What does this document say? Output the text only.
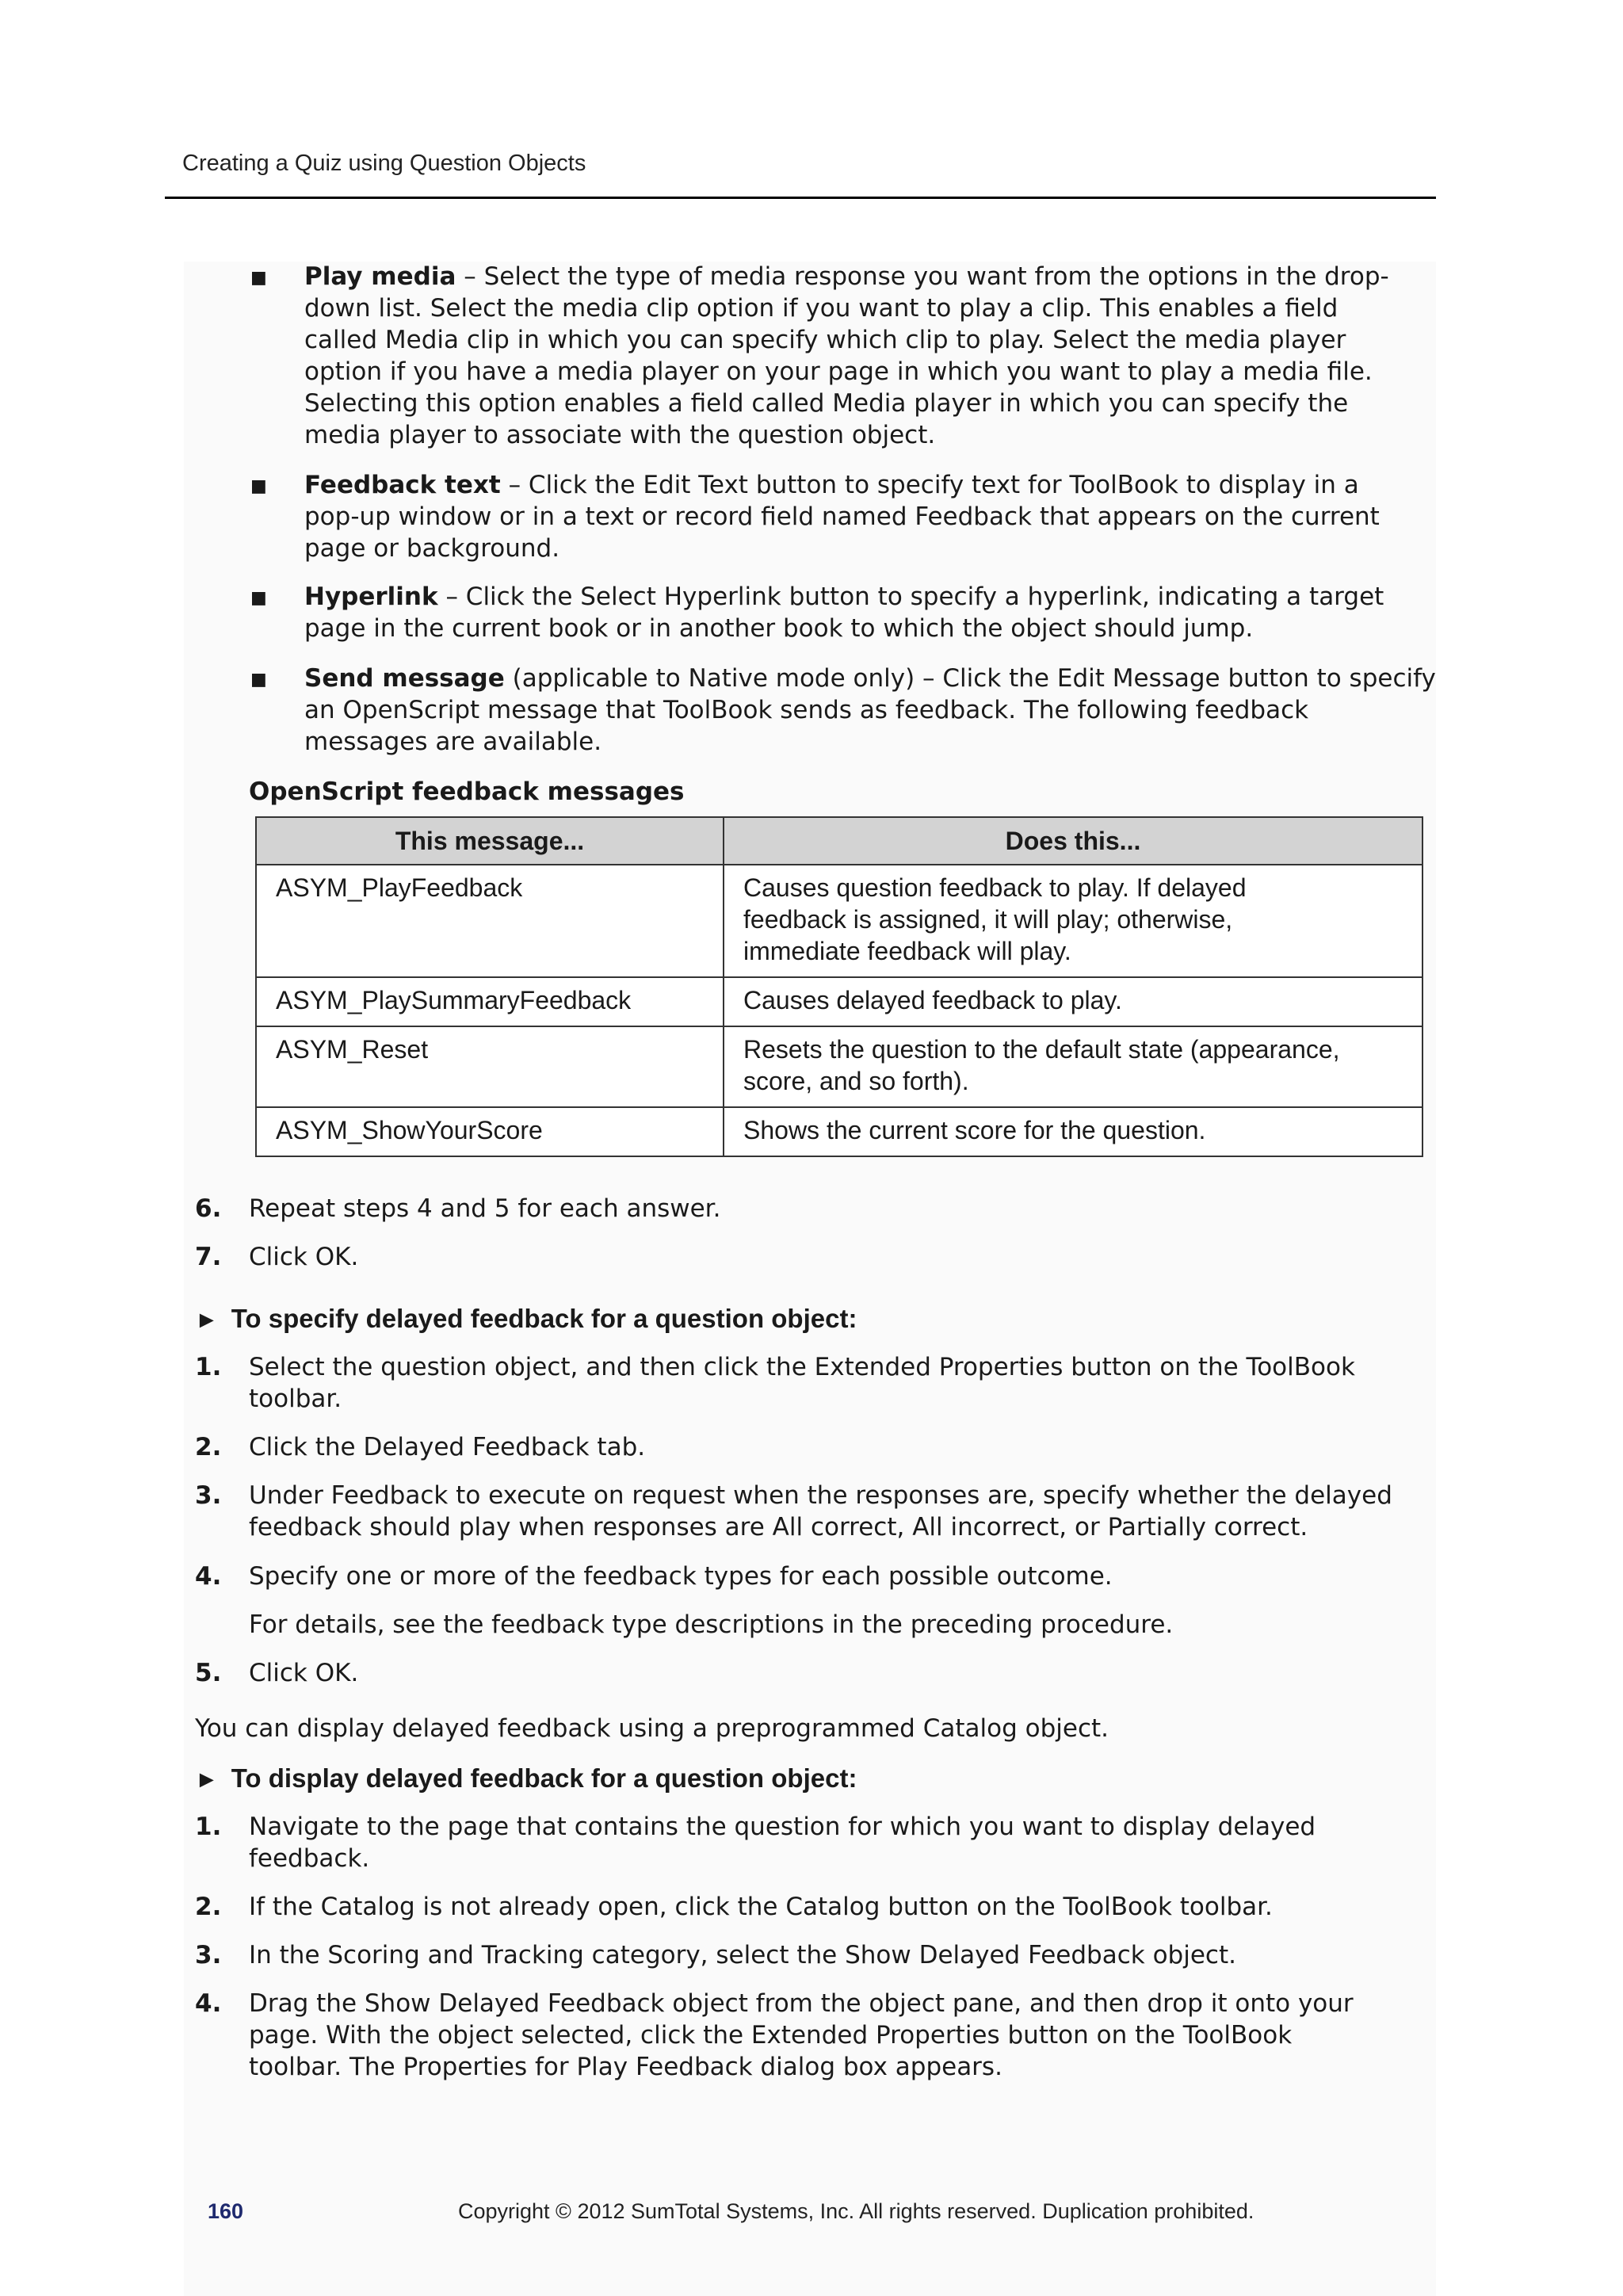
Creating a Quiz using Question Objects
■ Play media – Select the type of media response you want from the options in the drop-
down list. Select the media clip option if you want to play a clip. This enables a field
called Media clip in which you can specify which clip to play. Select the media player
option if you have a media player on your page in which you want to play a media file.
Selecting this option enables a field called Media player in which you can specify the
media player to associate with the question object.
■ Feedback text – Click the Edit Text button to specify text for ToolBook to display in a
pop-up window or in a text or record field named Feedback that appears on the current
page or background.
■ Hyperlink – Click the Select Hyperlink button to specify a hyperlink, indicating a target
page in the current book or in another book to which the object should jump.
■ Send message (applicable to Native mode only) – Click the Edit Message button to specify
an OpenScript message that ToolBook sends as feedback. The following feedback
messages are available.
OpenScript feedback messages
This message...	Does this...
ASYM_PlayFeedback	Causes question feedback to play. If delayed
feedback is assigned, it will play; otherwise,
immediate feedback will play.

ASYM_PlaySummaryFeedback	Causes delayed feedback to play.

ASYM_Reset	Resets the question to the default state (appearance,
score, and so forth).

ASYM_ShowYourScore	Shows the current score for the question.
6. Repeat steps 4 and 5 for each answer.
7. Click OK.
► To specify delayed feedback for a question object:
1. Select the question object, and then click the Extended Properties button on the ToolBook
toolbar.
2. Click the Delayed Feedback tab.
3. Under Feedback to execute on request when the responses are, specify whether the delayed
feedback should play when responses are All correct, All incorrect, or Partially correct.
4. Specify one or more of the feedback types for each possible outcome.
For details, see the feedback type descriptions in the preceding procedure.
5. Click OK.
You can display delayed feedback using a preprogrammed Catalog object.
► To display delayed feedback for a question object:
1. Navigate to the page that contains the question for which you want to display delayed
feedback.
2. If the Catalog is not already open, click the Catalog button on the ToolBook toolbar.
3. In the Scoring and Tracking category, select the Show Delayed Feedback object.
4. Drag the Show Delayed Feedback object from the object pane, and then drop it onto your
page. With the object selected, click the Extended Properties button on the ToolBook
toolbar. The Properties for Play Feedback dialog box appears.
160	Copyright © 2012 SumTotal Systems, Inc. All rights reserved. Duplication prohibited.
